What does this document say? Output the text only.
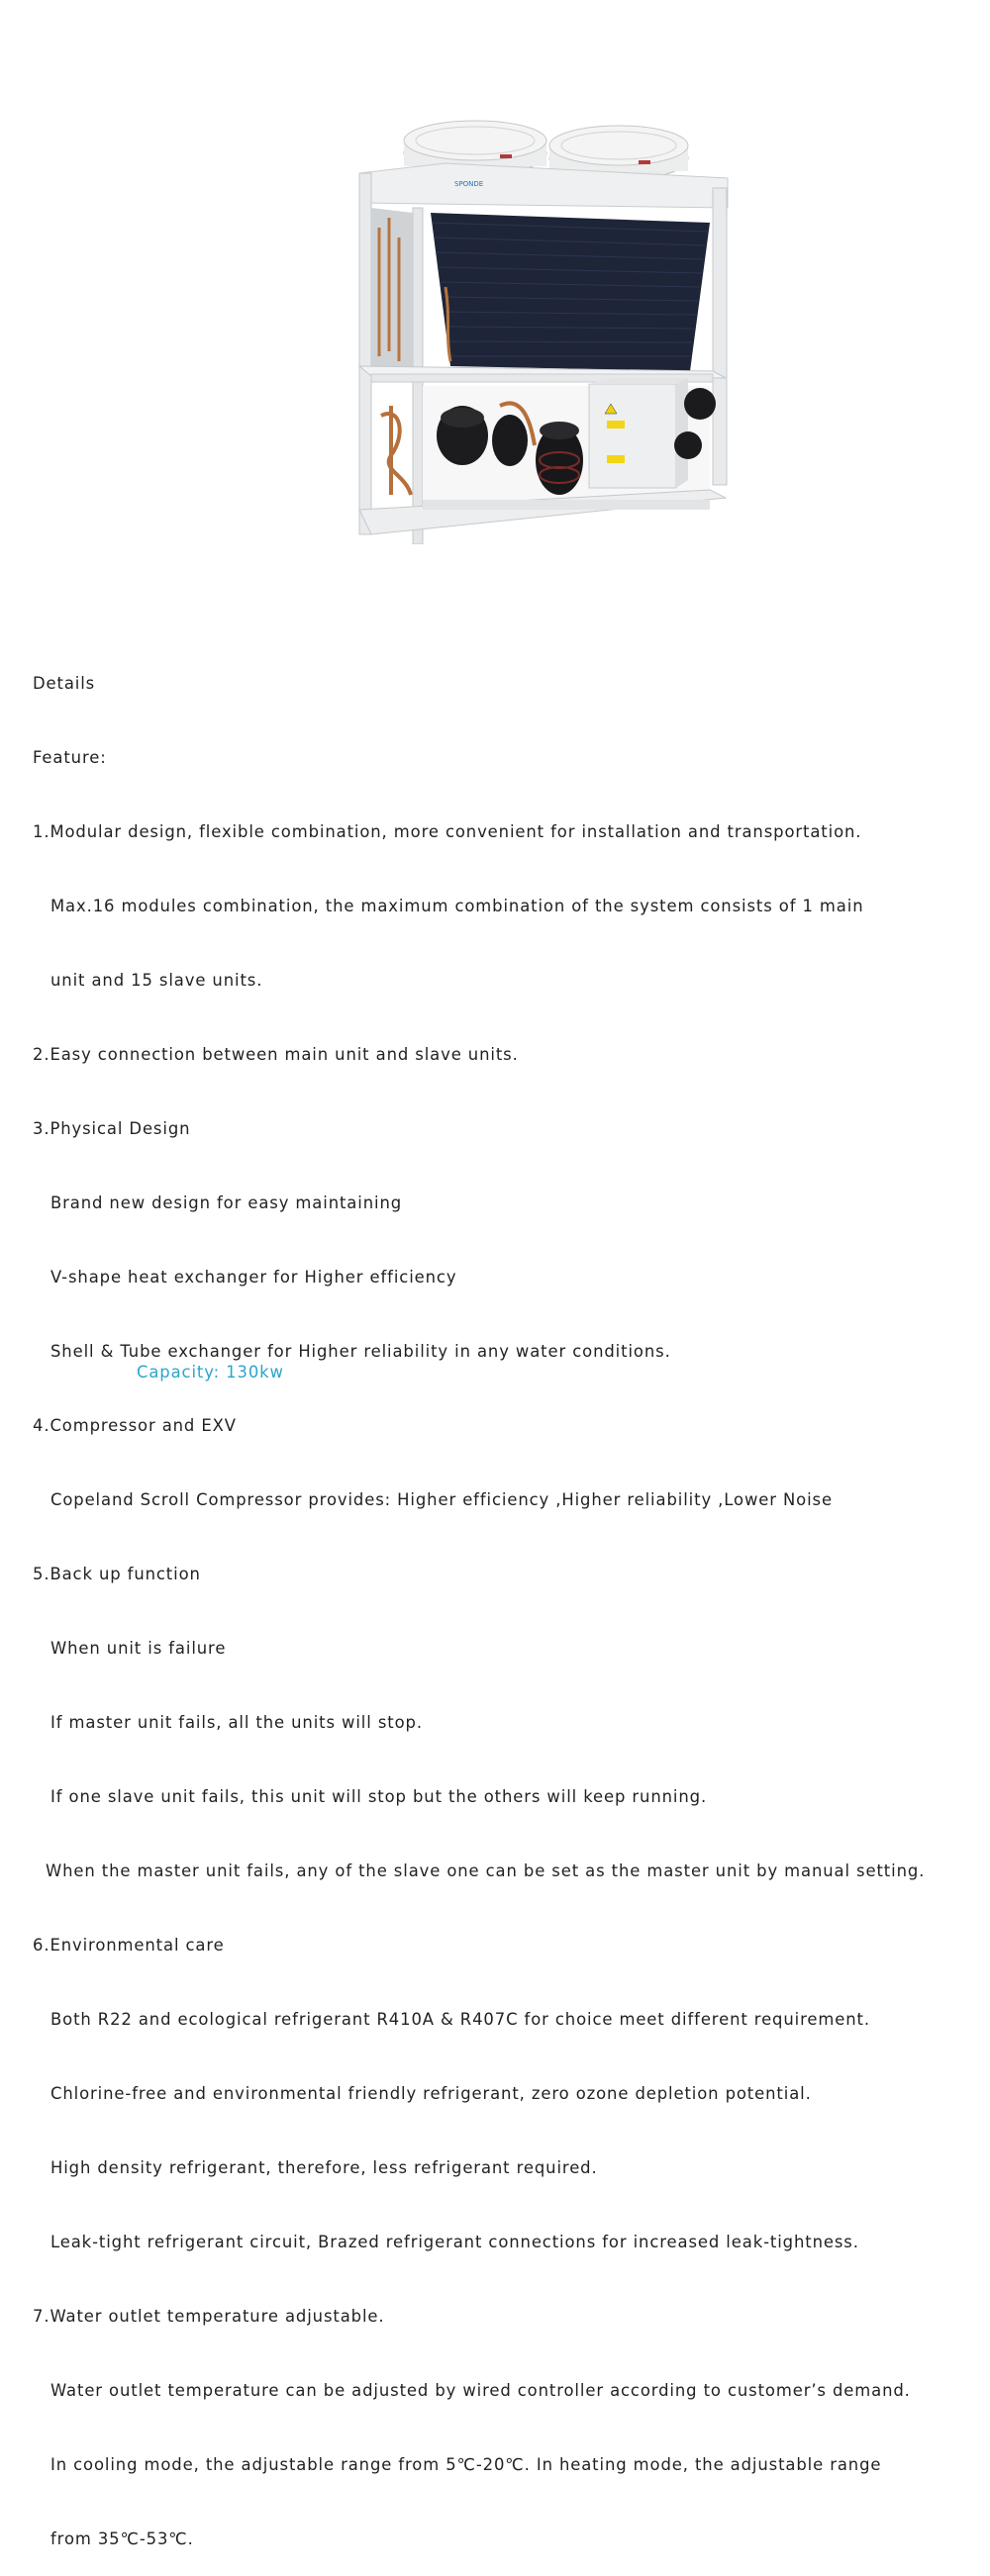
SPONDE

Details

Feature:

1.Modular design, flexible combination, more convenient for installation and transportation.

Max.16 modules combination, the maximum combination of the system consists of 1 main

unit and 15 slave units.

2.Easy connection between main unit and slave units.

3.Physical Design

Brand new design for easy maintaining

V-shape heat exchanger for Higher efficiency

Shell & Tube exchanger for Higher reliability in any water conditions.

4.Compressor and EXV

Copeland Scroll Compressor provides: Higher efficiency ,Higher reliability ,Lower Noise

5.Back up function

When unit is failure

If master unit fails, all the units will stop.

If one slave unit fails, this unit will stop but the others will keep running.

When the master unit fails, any of the slave one can be set as the master unit by manual setting.

6.Environmental care

Both R22 and ecological refrigerant R410A & R407C for choice meet different requirement.

Chlorine-free and environmental friendly refrigerant, zero ozone depletion potential.

High density refrigerant, therefore, less refrigerant required.

Leak-tight refrigerant circuit, Brazed refrigerant connections for increased leak-tightness.

7.Water outlet temperature adjustable.

Water outlet temperature can be adjusted by wired controller according to customer’s demand.

In cooling mode, the adjustable range from 5℃-20℃. In heating mode, the adjustable range

from 35℃-53℃.

Capacity: 130kw
